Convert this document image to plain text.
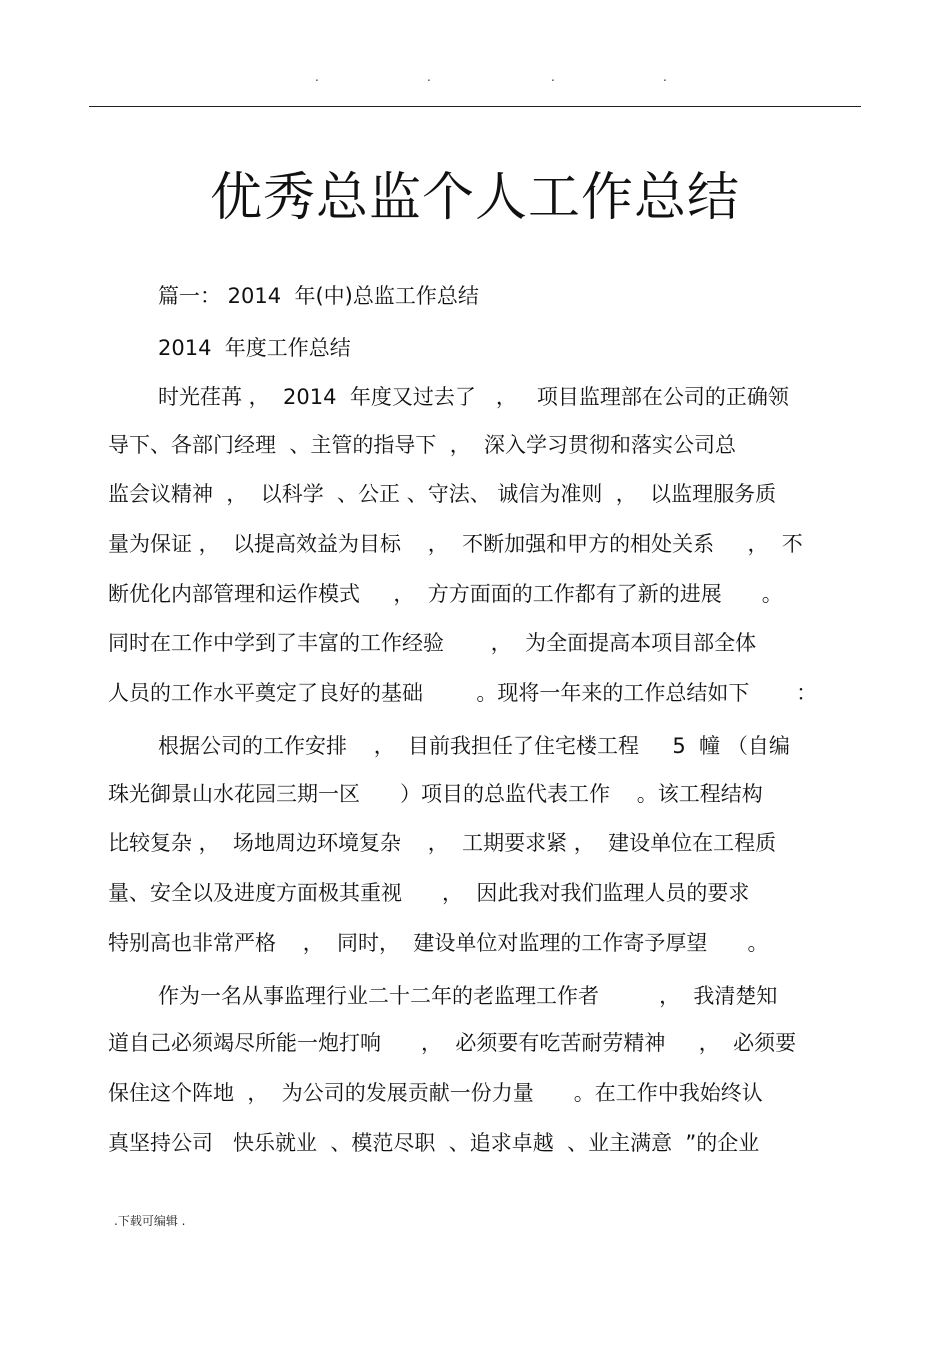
.	.	.	.
优秀总监个人工作总结
篇一： 2014  年(中)总监工作总结
2014  年度工作总结
时光荏苒 ，  2014  年度又过去了   ，   项目监理部在公司的正确领
导下、各部门经理  、主管的指导下  ，  深入学习贯彻和落实公司总
监会议精神  ，  以科学  、公正 、守法、 诚信为准则  ，  以监理服务质
量为保证 ，  以提高效益为目标    ，  不断加强和甲方的相处关系     ，  不
断优化内部管理和运作模式     ，  方方面面的工作都有了新的进展      。
同时在工作中学到了丰富的工作经验       ，  为全面提高本项目部全体
人员的工作水平奠定了良好的基础        。现将一年来的工作总结如下       ：
根据公司的工作安排    ，  目前我担任了住宅楼工程     5  幢 （自编
珠光御景山水花园三期一区      ）项目的总监代表工作    。该工程结构
比较复杂 ，  场地周边环境复杂    ，  工期要求紧 ，  建设单位在工程质
量、安全以及进度方面极其重视      ，  因此我对我们监理人员的要求
特别高也非常严格    ，  同时，  建设单位对监理的工作寄予厚望      。
作为一名从事监理行业二十二年的老监理工作者         ，  我清楚知
道自己必须竭尽所能一炮打响      ，  必须要有吃苦耐劳精神     ，  必须要
保住这个阵地  ，  为公司的发展贡献一份力量      。在工作中我始终认
真坚持公司   快乐就业  、模范尽职  、追求卓越  、业主满意  ”的企业
.下载可编辑 .
